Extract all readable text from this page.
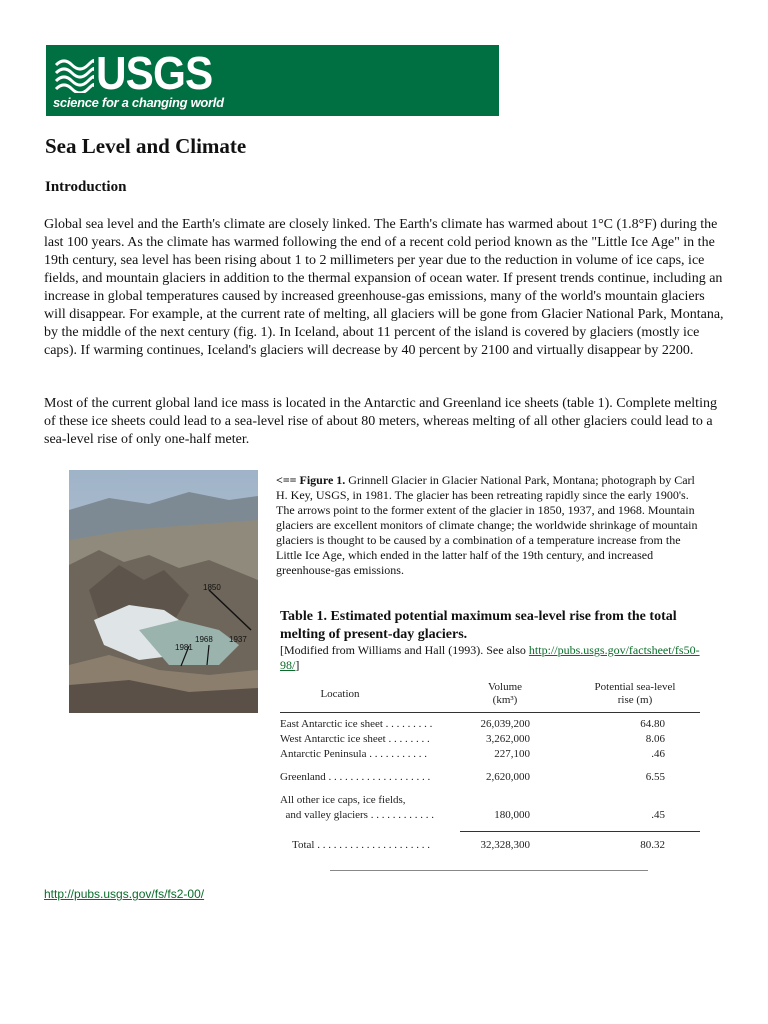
USGS
science for a changing world
Sea Level and Climate
Introduction

Global sea level and the Earth's climate are closely linked. The Earth's climate has warmed about 1°C (1.8°F) during the last 100 years. As the climate has warmed following the end of a recent cold period known as the "Little Ice Age" in the 19th century, sea level has been rising about 1 to 2 millimeters per year due to the reduction in volume of ice caps, ice fields, and mountain glaciers in addition to the thermal expansion of ocean water. If present trends continue, including an increase in global temperatures caused by increased greenhouse-gas emissions, many of the world's mountain glaciers will disappear. For example, at the current rate of melting, all glaciers will be gone from Glacier National Park, Montana, by the middle of the next century (fig. 1). In Iceland, about 11 percent of the island is covered by glaciers (mostly ice caps). If warming continues, Iceland's glaciers will decrease by 40 percent by 2100 and virtually disappear by 2200.

Most of the current global land ice mass is located in the Antarctic and Greenland ice sheets (table 1). Complete melting of these ice sheets could lead to a sea-level rise of about 80 meters, whereas melting of all other glaciers could lead to a sea-level rise of only one-half meter.

1850
1968 1937
1981

<== Figure 1. Grinnell Glacier in Glacier National Park, Montana; photograph by Carl H. Key, USGS, in 1981. The glacier has been retreating rapidly since the early 1900's. The arrows point to the former extent of the glacier in 1850, 1937, and 1968. Mountain glaciers are excellent monitors of climate change; the worldwide shrinkage of mountain glaciers is thought to be caused by a combination of a temperature increase from the Little Ice Age, which ended in the latter half of the 19th century, and increased greenhouse-gas emissions.

Table 1. Estimated potential maximum sea-level rise from the total melting of present-day glaciers.

[Modified from Williams and Hall (1993). See also http://pubs.usgs.gov/factsheet/fs50-98/]

Location
Volume
(km³)
Potential sea-level
rise (m)
East Antarctic ice sheet . . . . . . . . .	26,039,200	64.80
West Antarctic ice sheet . . . . . . . .	3,262,000	8.06
Antarctic Peninsula . . . . . . . . . . .	227,100	.46
Greenland . . . . . . . . . . . . . . . . . . .	2,620,000	6.55
All other ice caps, ice fields,
and valley glaciers . . . . . . . . . . . .	180,000	.45
Total . . . . . . . . . . . . . . . . . . . . .	32,328,300	80.32
http://pubs.usgs.gov/fs/fs2-00/
